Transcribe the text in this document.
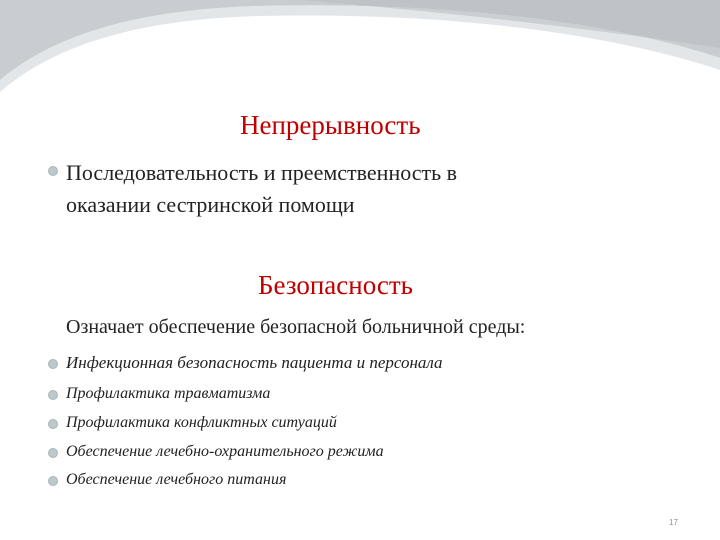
Непрерывность
Последовательность и преемственность в
оказании сестринской помощи
Безопасность
Означает обеспечение безопасной больничной среды:
Инфекционная безопасность пациента и персонала
Профилактика травматизма
Профилактика конфликтных ситуаций
Обеспечение лечебно-охранительного режима
Обеспечение лечебного питания
17
